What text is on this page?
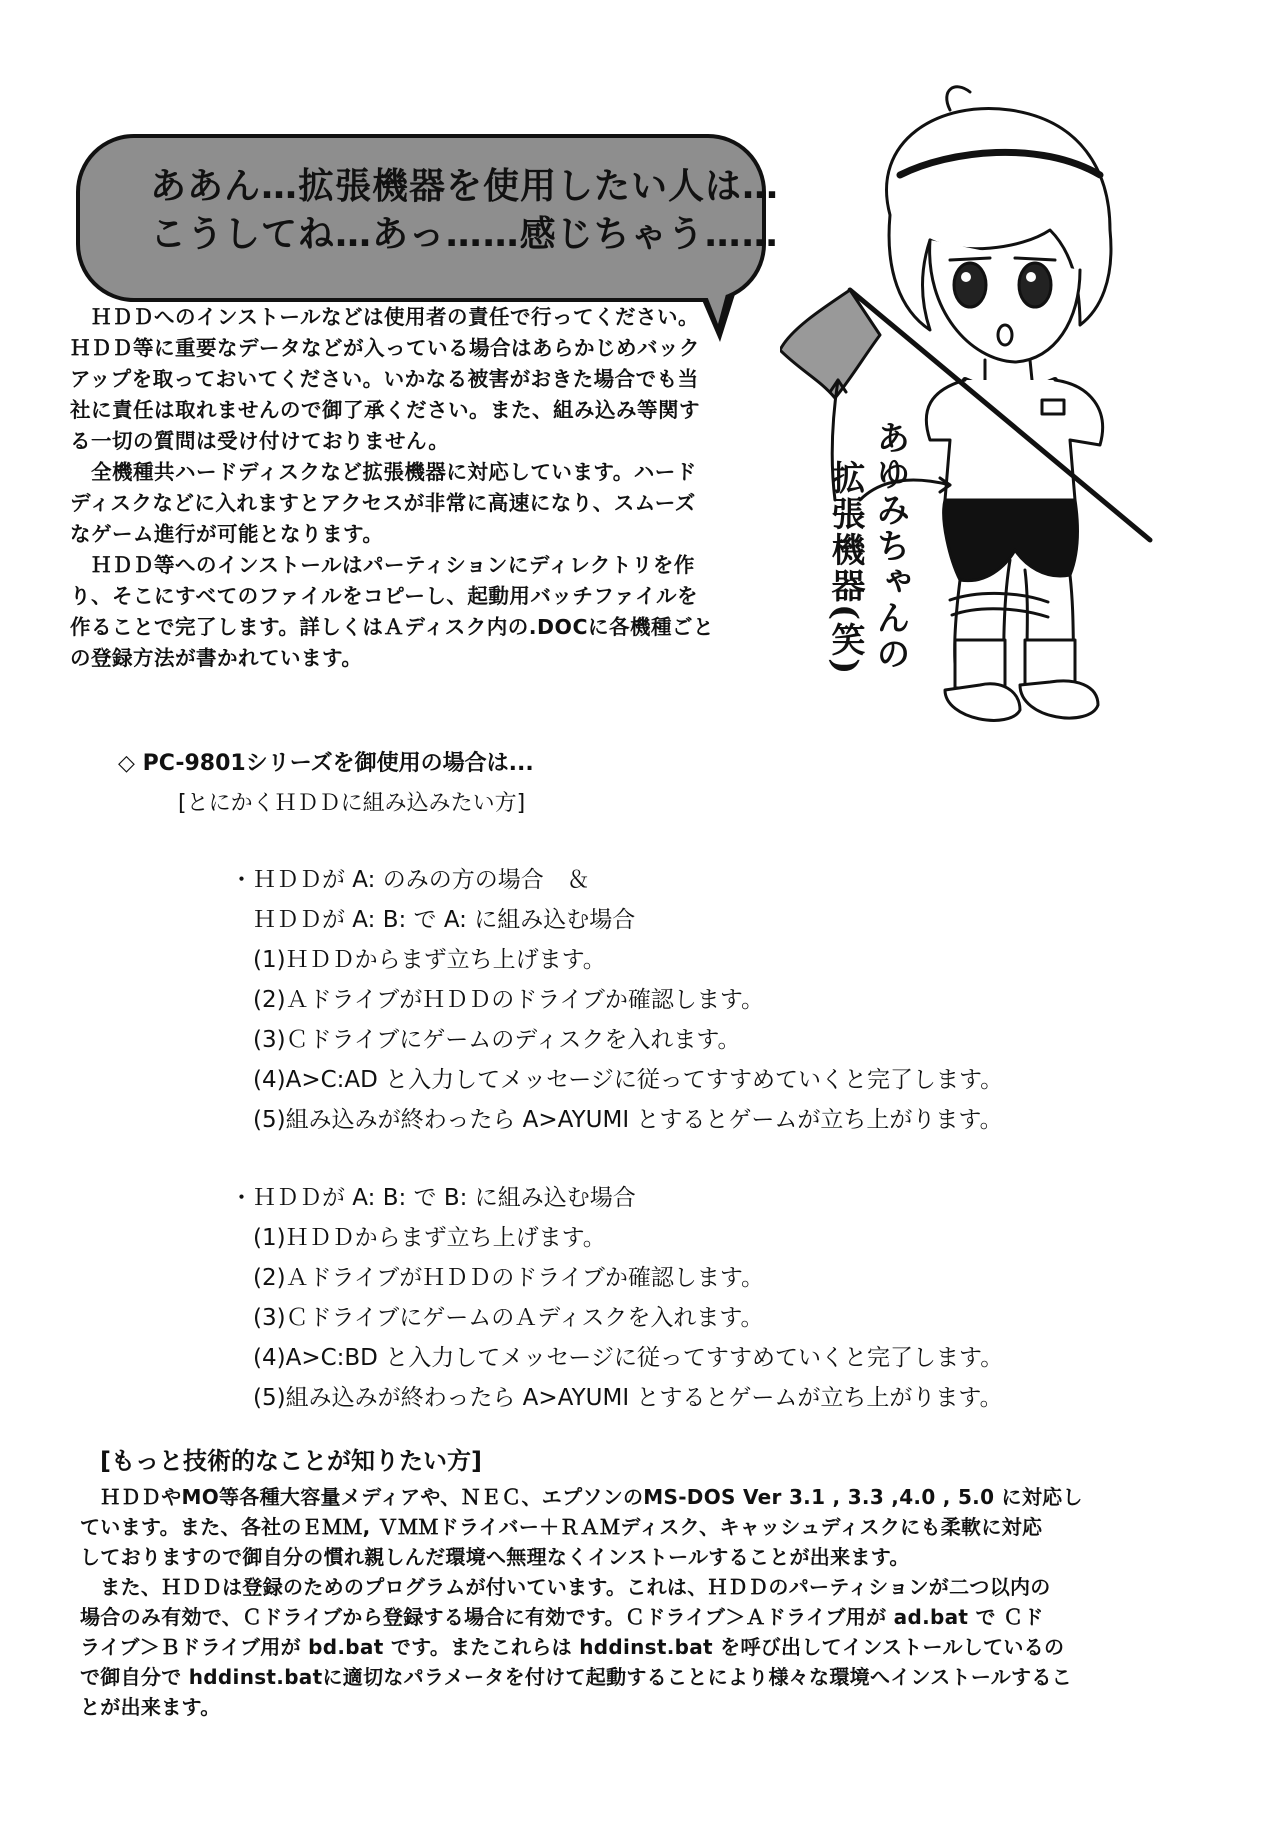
ああん…拡張機器を使用したい人は…
こうしてね…あっ……感じちゃう……
　ＨＤＤへのインストールなどは使用者の責任で行ってください。
ＨＤＤ等に重要なデータなどが入っている場合はあらかじめバック
アップを取っておいてください。いかなる被害がおきた場合でも当
社に責任は取れませんので御了承ください。また、組み込み等関す
る一切の質問は受け付けておりません。
　全機種共ハードディスクなど拡張機器に対応しています。ハード
ディスクなどに入れますとアクセスが非常に高速になり、スムーズ
なゲーム進行が可能となります。
　ＨＤＤ等へのインストールはパーティションにディレクトリを作
り、そこにすべてのファイルをコピーし、起動用バッチファイルを
作ることで完了します。詳しくはＡディスク内の.DOCに各機種ごと
の登録方法が書かれています。	あゆみちゃんの
拡張機器(笑)
◇ PC-9801シリーズを御使用の場合は...
[とにかくＨＤＤに組み込みたい方]
・ＨＤＤが A: のみの方の場合　＆
　ＨＤＤが A: B: で A: に組み込む場合
　(1)ＨＤＤからまず立ち上げます。
　(2)ＡドライブがＨＤＤのドライブか確認します。
　(3)Ｃドライブにゲームのディスクを入れます。
　(4)A>C:AD と入力してメッセージに従ってすすめていくと完了します。
　(5)組み込みが終わったら A>AYUMI とするとゲームが立ち上がります。
・ＨＤＤが A: B: で B: に組み込む場合
　(1)ＨＤＤからまず立ち上げます。
　(2)ＡドライブがＨＤＤのドライブか確認します。
　(3)ＣドライブにゲームのＡディスクを入れます。
　(4)A>C:BD と入力してメッセージに従ってすすめていくと完了します。
　(5)組み込みが終わったら A>AYUMI とするとゲームが立ち上がります。
[もっと技術的なことが知りたい方]
　ＨＤＤやMO等各種大容量メディアや、ＮＥＣ、エプソンのMS-DOS Ver 3.1 , 3.3 ,4.0 , 5.0 に対応し
ています。また、各社のＥＭＭ, ＶＭＭドライバー＋ＲＡＭディスク、キャッシュディスクにも柔軟に対応
しておりますので御自分の慣れ親しんだ環境へ無理なくインストールすることが出来ます。
　また、ＨＤＤは登録のためのプログラムが付いています。これは、ＨＤＤのパーティションが二つ以内の
場合のみ有効で、Ｃドライブから登録する場合に有効です。Ｃドライブ＞Ａドライブ用が ad.bat で Ｃド
ライブ＞Ｂドライブ用が bd.bat です。またこれらは hddinst.bat を呼び出してインストールしているの
で御自分で hddinst.batに適切なパラメータを付けて起動することにより様々な環境へインストールするこ
とが出来ます。
